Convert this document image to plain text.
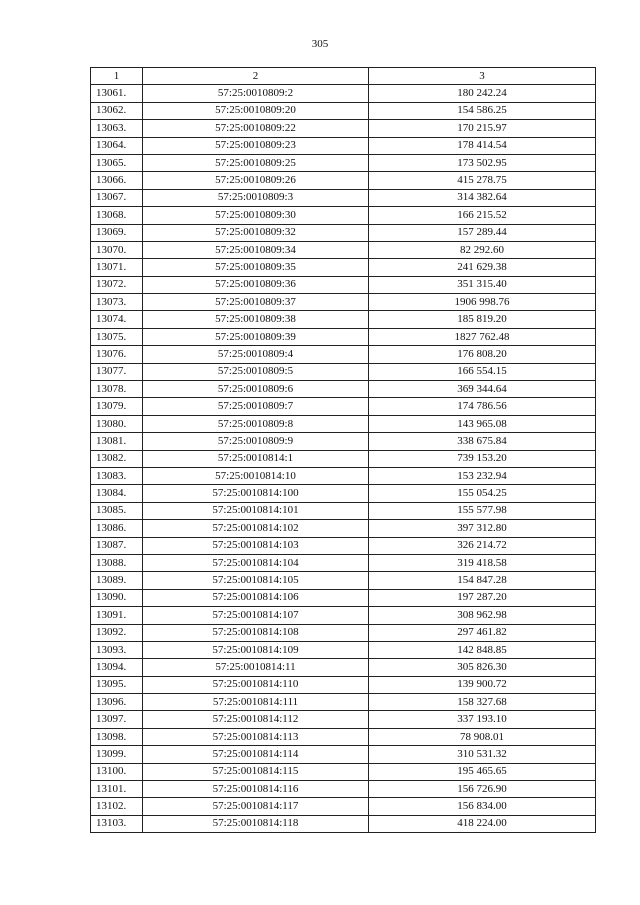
305
1	2	3
13061.	57:25:0010809:2	180 242.24
13062.	57:25:0010809:20	154 586.25
13063.	57:25:0010809:22	170 215.97
13064.	57:25:0010809:23	178 414.54
13065.	57:25:0010809:25	173 502.95
13066.	57:25:0010809:26	415 278.75
13067.	57:25:0010809:3	314 382.64
13068.	57:25:0010809:30	166 215.52
13069.	57:25:0010809:32	157 289.44
13070.	57:25:0010809:34	82 292.60
13071.	57:25:0010809:35	241 629.38
13072.	57:25:0010809:36	351 315.40
13073.	57:25:0010809:37	1906 998.76
13074.	57:25:0010809:38	185 819.20
13075.	57:25:0010809:39	1827 762.48
13076.	57:25:0010809:4	176 808.20
13077.	57:25:0010809:5	166 554.15
13078.	57:25:0010809:6	369 344.64
13079.	57:25:0010809:7	174 786.56
13080.	57:25:0010809:8	143 965.08
13081.	57:25:0010809:9	338 675.84
13082.	57:25:0010814:1	739 153.20
13083.	57:25:0010814:10	153 232.94
13084.	57:25:0010814:100	155 054.25
13085.	57:25:0010814:101	155 577.98
13086.	57:25:0010814:102	397 312.80
13087.	57:25:0010814:103	326 214.72
13088.	57:25:0010814:104	319 418.58
13089.	57:25:0010814:105	154 847.28
13090.	57:25:0010814:106	197 287.20
13091.	57:25:0010814:107	308 962.98
13092.	57:25:0010814:108	297 461.82
13093.	57:25:0010814:109	142 848.85
13094.	57:25:0010814:11	305 826.30
13095.	57:25:0010814:110	139 900.72
13096.	57:25:0010814:111	158 327.68
13097.	57:25:0010814:112	337 193.10
13098.	57:25:0010814:113	78 908.01
13099.	57:25:0010814:114	310 531.32
13100.	57:25:0010814:115	195 465.65
13101.	57:25:0010814:116	156 726.90
13102.	57:25:0010814:117	156 834.00
13103.	57:25:0010814:118	418 224.00
